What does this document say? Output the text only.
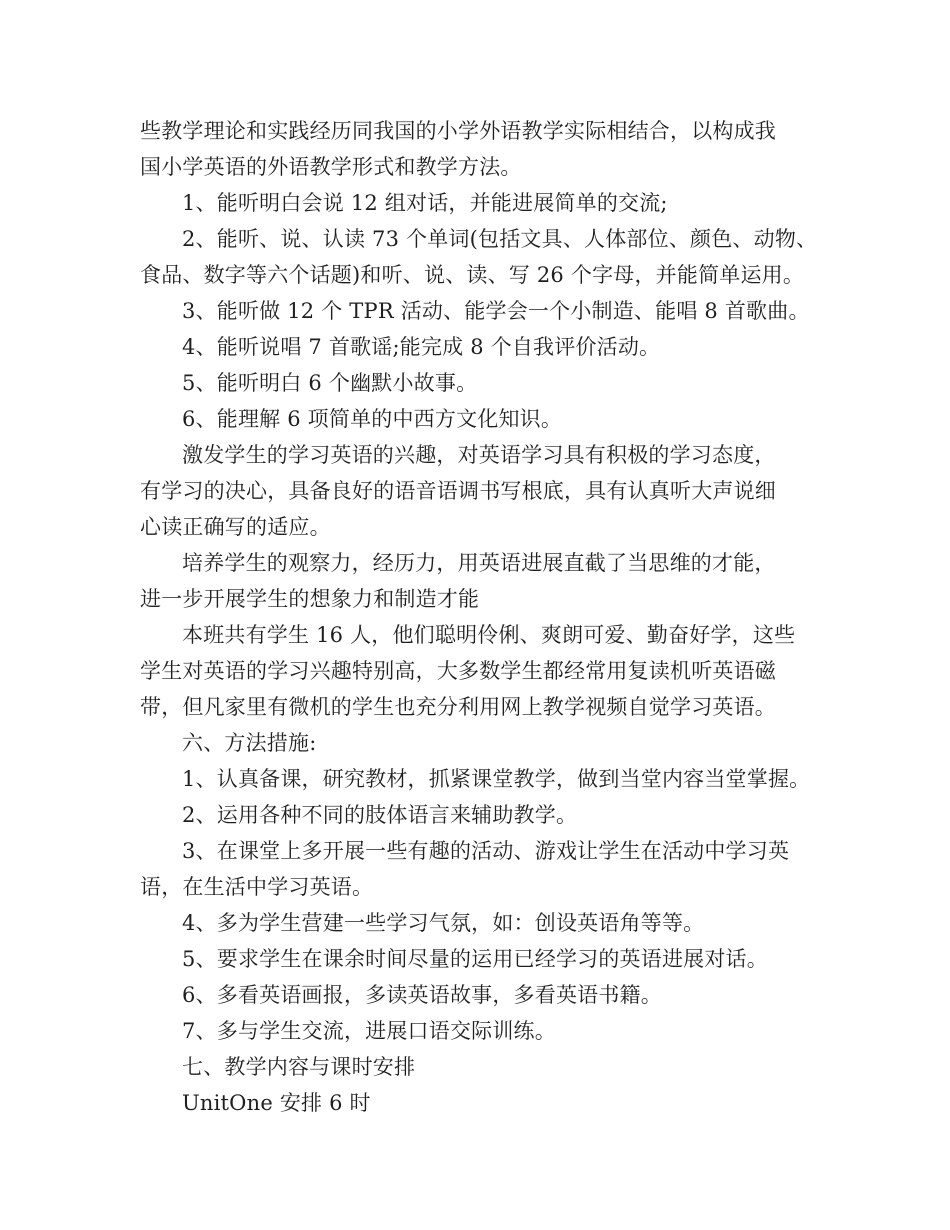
些教学理论和实践经历同我国的小学外语教学实际相结合，以构成我
国小学英语的外语教学形式和教学方法。
1、能听明白会说 12 组对话，并能进展简单的交流;
2、能听、说、认读 73 个单词(包括文具、人体部位、颜色、动物、
食品、数字等六个话题)和听、说、读、写 26 个字母，并能简单运用。
3、能听做 12 个 TPR 活动、能学会一个小制造、能唱 8 首歌曲。
4、能听说唱 7 首歌谣;能完成 8 个自我评价活动。
5、能听明白 6 个幽默小故事。
6、能理解 6 项简单的中西方文化知识。
激发学生的学习英语的兴趣，对英语学习具有积极的学习态度，
有学习的决心，具备良好的语音语调书写根底，具有认真听大声说细
心读正确写的适应。
培养学生的观察力，经历力，用英语进展直截了当思维的才能，
进一步开展学生的想象力和制造才能
本班共有学生 16 人，他们聪明伶俐、爽朗可爱、勤奋好学，这些
学生对英语的学习兴趣特别高，大多数学生都经常用复读机听英语磁
带，但凡家里有微机的学生也充分利用网上教学视频自觉学习英语。
六、方法措施:
1、认真备课，研究教材，抓紧课堂教学，做到当堂内容当堂掌握。
2、运用各种不同的肢体语言来辅助教学。
3、在课堂上多开展一些有趣的活动、游戏让学生在活动中学习英
语，在生活中学习英语。
4、多为学生营建一些学习气氛，如：创设英语角等等。
5、要求学生在课余时间尽量的运用已经学习的英语进展对话。
6、多看英语画报，多读英语故事，多看英语书籍。
7、多与学生交流，进展口语交际训练。
七、教学内容与课时安排
UnitOne 安排 6 时
